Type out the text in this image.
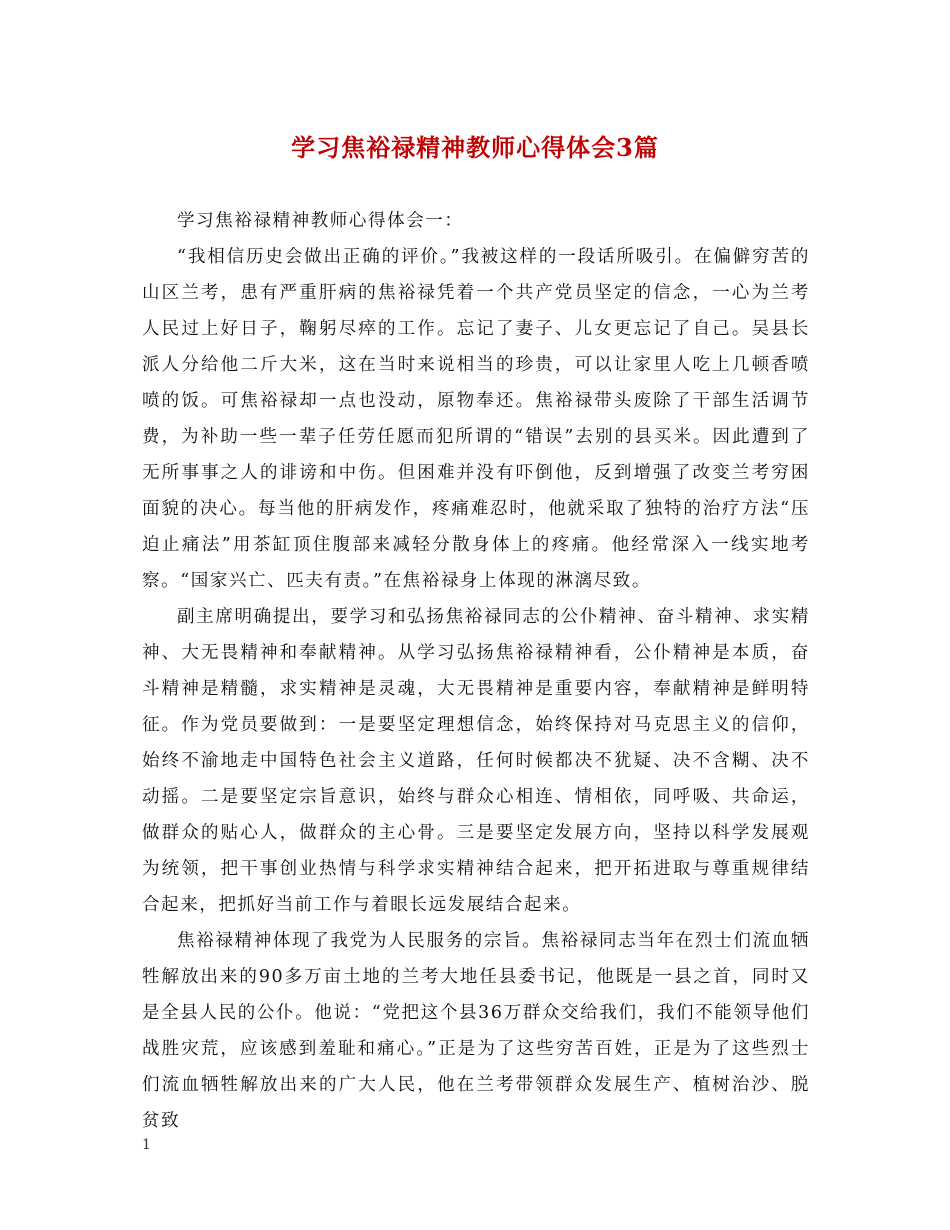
学习焦裕禄精神教师心得体会3篇

学习焦裕禄精神教师心得体会一：

“我相信历史会做出正确的评价。”我被这样的一段话所吸引。在偏僻穷苦的山区兰考，患有严重肝病的焦裕禄凭着一个共产党员坚定的信念，一心为兰考人民过上好日子，鞠躬尽瘁的工作。忘记了妻子、儿女更忘记了自己。吴县长派人分给他二斤大米，这在当时来说相当的珍贵，可以让家里人吃上几顿香喷喷的饭。可焦裕禄却一点也没动，原物奉还。焦裕禄带头废除了干部生活调节费，为补助一些一辈子任劳任愿而犯所谓的“错误”去别的县买米。因此遭到了无所事事之人的诽谤和中伤。但困难并没有吓倒他，反到增强了改变兰考穷困面貌的决心。每当他的肝病发作，疼痛难忍时，他就采取了独特的治疗方法“压迫止痛法”用茶缸顶住腹部来减轻分散身体上的疼痛。他经常深入一线实地考察。“国家兴亡、匹夫有责。”在焦裕禄身上体现的淋漓尽致。

副主席明确提出，要学习和弘扬焦裕禄同志的公仆精神、奋斗精神、求实精神、大无畏精神和奉献精神。从学习弘扬焦裕禄精神看，公仆精神是本质，奋斗精神是精髓，求实精神是灵魂，大无畏精神是重要内容，奉献精神是鲜明特征。作为党员要做到：一是要坚定理想信念，始终保持对马克思主义的信仰，始终不渝地走中国特色社会主义道路，任何时候都决不犹疑、决不含糊、决不动摇。二是要坚定宗旨意识，始终与群众心相连、情相依，同呼吸、共命运，做群众的贴心人，做群众的主心骨。三是要坚定发展方向，坚持以科学发展观为统领，把干事创业热情与科学求实精神结合起来，把开拓进取与尊重规律结合起来，把抓好当前工作与着眼长远发展结合起来。

焦裕禄精神体现了我党为人民服务的宗旨。焦裕禄同志当年在烈士们流血牺牲解放出来的90多万亩土地的兰考大地任县委书记，他既是一县之首，同时又是全县人民的公仆。他说：“党把这个县36万群众交给我们，我们不能领导他们战胜灾荒，应该感到羞耻和痛心。”正是为了这些穷苦百姓，正是为了这些烈士们流血牺牲解放出来的广大人民，他在兰考带领群众发展生产、植树治沙、脱贫致

1
